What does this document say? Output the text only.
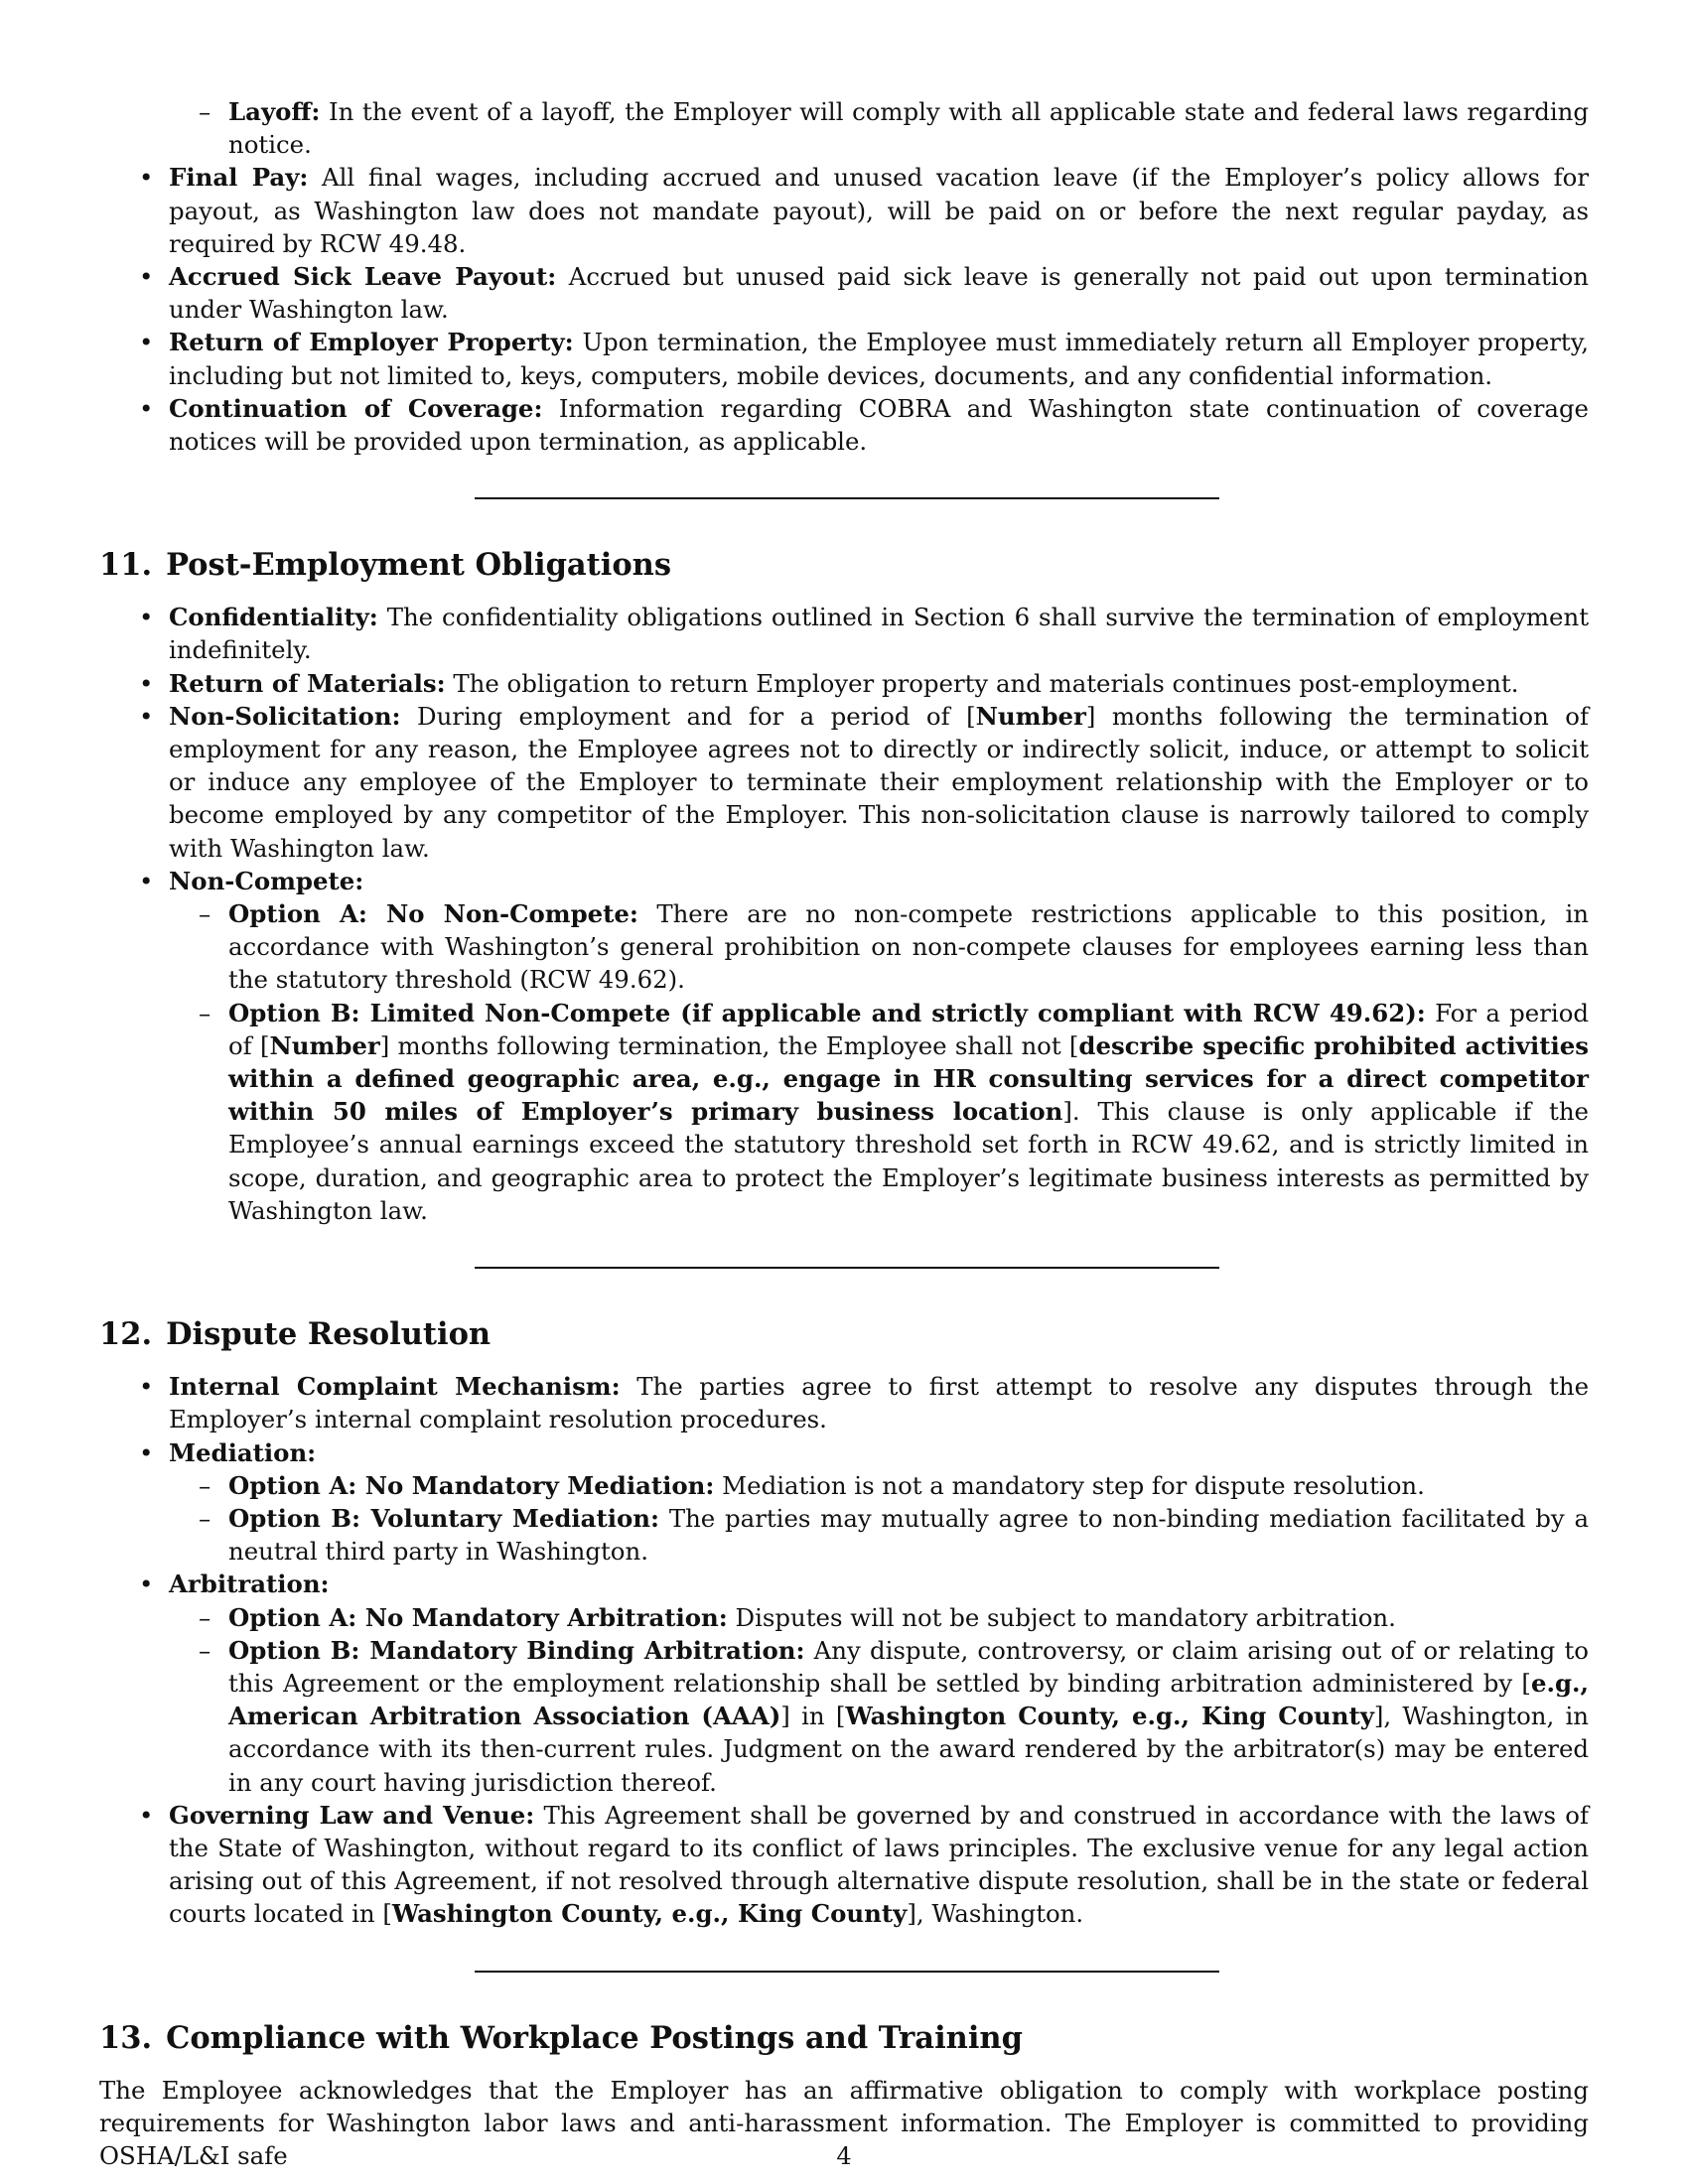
– Layoff: In the event of a layoff, the Employer will comply with all applicable state and federal laws regarding notice.
• Final Pay: All final wages, including accrued and unused vacation leave (if the Employer’s policy allows for payout, as Washington law does not mandate payout), will be paid on or before the next regular payday, as required by RCW 49.48.
• Accrued Sick Leave Payout: Accrued but unused paid sick leave is generally not paid out upon termination under Washington law.
• Return of Employer Property: Upon termination, the Employee must immediately return all Employer property, including but not limited to, keys, computers, mobile devices, documents, and any confidential information.
• Continuation of Coverage: Information regarding COBRA and Washington state continuation of coverage notices will be provided upon termination, as applicable.
11. Post-Employment Obligations
• Confidentiality: The confidentiality obligations outlined in Section 6 shall survive the termination of employment indefinitely.
• Return of Materials: The obligation to return Employer property and materials continues post-employment.
• Non-Solicitation: During employment and for a period of [Number] months following the termination of employment for any reason, the Employee agrees not to directly or indirectly solicit, induce, or attempt to solicit or induce any employee of the Employer to terminate their employment relationship with the Employer or to become employed by any competitor of the Employer. This non-solicitation clause is narrowly tailored to comply with Washington law.
• Non-Compete:
– Option A: No Non-Compete: There are no non-compete restrictions applicable to this position, in accordance with Washington’s general prohibition on non-compete clauses for employees earning less than the statutory threshold (RCW 49.62).
– Option B: Limited Non-Compete (if applicable and strictly compliant with RCW 49.62): For a period of [Number] months following termination, the Employee shall not [describe specific prohibited activities within a defined geographic area, e.g., engage in HR consulting services for a direct competitor within 50 miles of Employer’s primary business location]. This clause is only applicable if the Employee’s annual earnings exceed the statutory threshold set forth in RCW 49.62, and is strictly limited in scope, duration, and geographic area to protect the Employer’s legitimate business interests as permitted by Washington law.
12. Dispute Resolution
• Internal Complaint Mechanism: The parties agree to first attempt to resolve any disputes through the Employer’s internal complaint resolution procedures.
• Mediation:
– Option A: No Mandatory Mediation: Mediation is not a mandatory step for dispute resolution.
– Option B: Voluntary Mediation: The parties may mutually agree to non-binding mediation facilitated by a neutral third party in Washington.
• Arbitration:
– Option A: No Mandatory Arbitration: Disputes will not be subject to mandatory arbitration.
– Option B: Mandatory Binding Arbitration: Any dispute, controversy, or claim arising out of or relating to this Agreement or the employment relationship shall be settled by binding arbitration administered by [e.g., American Arbitration Association (AAA)] in [Washington County, e.g., King County], Washington, in accordance with its then-current rules. Judgment on the award rendered by the arbitrator(s) may be entered in any court having jurisdiction thereof.
• Governing Law and Venue: This Agreement shall be governed by and construed in accordance with the laws of the State of Washington, without regard to its conflict of laws principles. The exclusive venue for any legal action arising out of this Agreement, if not resolved through alternative dispute resolution, shall be in the state or federal courts located in [Washington County, e.g., King County], Washington.
13. Compliance with Workplace Postings and Training

The Employee acknowledges that the Employer has an affirmative obligation to comply with workplace posting requirements for Washington labor laws and anti-harassment information. The Employer is committed to providing OSHA/L&I safe	4
